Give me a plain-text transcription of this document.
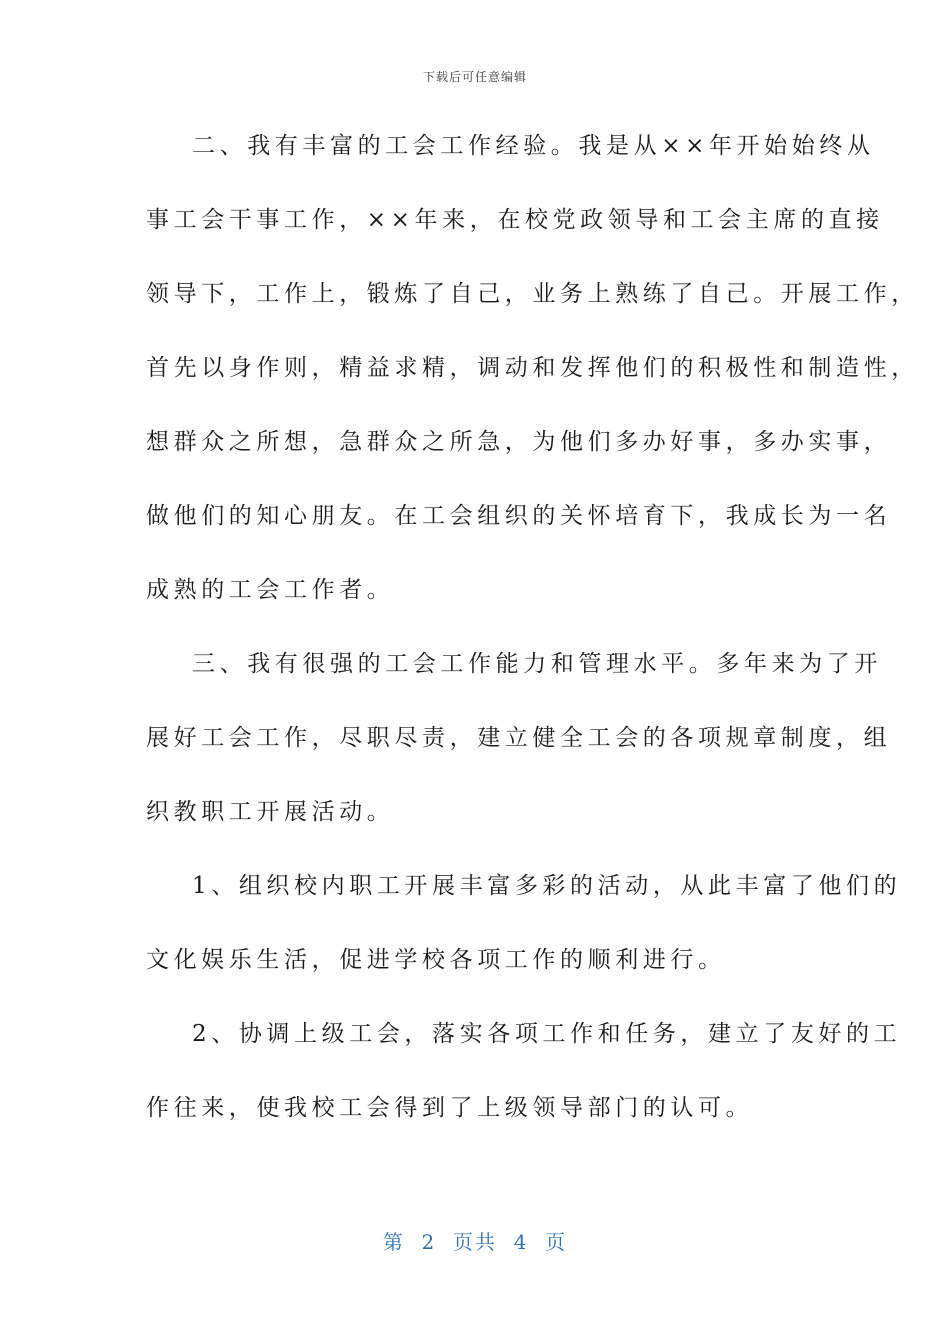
下载后可任意编辑
二、我有丰富的工会工作经验。我是从××年开始始终从
事工会干事工作，××年来，在校党政领导和工会主席的直接
领导下，工作上，锻炼了自己，业务上熟练了自己。开展工作，
首先以身作则，精益求精，调动和发挥他们的积极性和制造性，
想群众之所想，急群众之所急，为他们多办好事，多办实事，
做他们的知心朋友。在工会组织的关怀培育下，我成长为一名
成熟的工会工作者。
三、我有很强的工会工作能力和管理水平。多年来为了开
展好工会工作，尽职尽责，建立健全工会的各项规章制度，组
织教职工开展活动。
1、组织校内职工开展丰富多彩的活动，从此丰富了他们的
文化娱乐生活，促进学校各项工作的顺利进行。
2、协调上级工会，落实各项工作和任务，建立了友好的工
作往来，使我校工会得到了上级领导部门的认可。
第  2  页共  4  页
